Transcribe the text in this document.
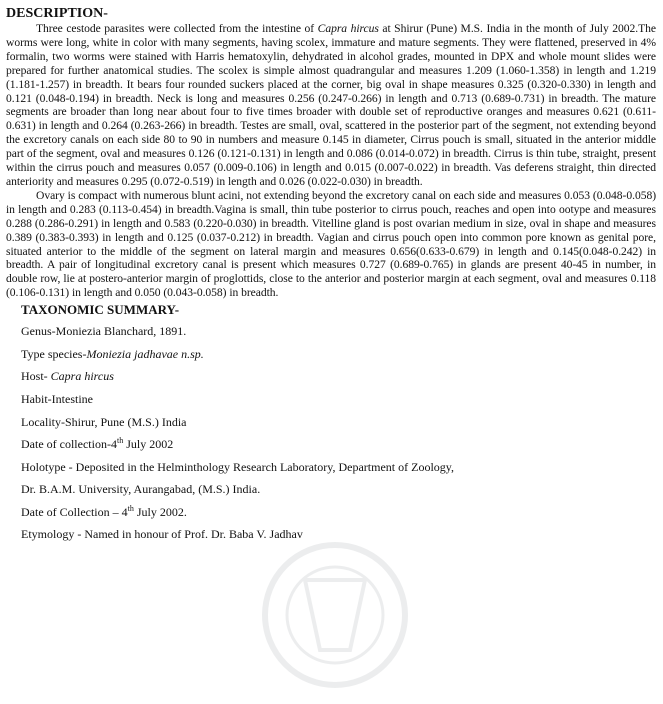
DESCRIPTION-

Three cestode parasites were collected from the intestine of Capra hircus at Shirur (Pune) M.S. India in the month of July 2002.The worms were long, white in color with many segments, having scolex, immature and mature segments. They were flattened, preserved in 4% formalin, two worms were stained with Harris hematoxylin, dehydrated in alcohol grades, mounted in DPX and whole mount slides were prepared for further anatomical studies. The scolex is simple almost quadrangular and measures 1.209 (1.060-1.358) in length and 1.219 (1.181-1.257) in breadth. It bears four rounded suckers placed at the corner, big oval in shape measures 0.325 (0.320-0.330) in length and 0.121 (0.048-0.194) in breadth. Neck is long and measures 0.256 (0.247-0.266) in length and 0.713 (0.689-0.731) in breadth. The mature segments are broader than long near about four to five times broader with double set of reproductive oranges and measures 0.621 (0.611-0.631) in length and 0.264 (0.263-266) in breadth. Testes are small, oval, scattered in the posterior part of the segment, not extending beyond the excretory canals on each side 80 to 90 in numbers and measure 0.145 in diameter, Cirrus pouch is small, situated in the anterior middle part of the segment, oval and measures 0.126 (0.121-0.131) in length and 0.086 (0.014-0.072) in breadth. Cirrus is thin tube, straight, present within the cirrus pouch and measures 0.057 (0.009-0.106) in length and 0.015 (0.007-0.022) in breadth. Vas deferens straight, thin directed anteriority and measures 0.295 (0.072-0.519) in length and 0.026 (0.022-0.030) in breadth.

Ovary is compact with numerous blunt acini, not extending beyond the excretory canal on each side and measures 0.053 (0.048-0.058) in length and 0.283 (0.113-0.454) in breadth.Vagina is small, thin tube posterior to cirrus pouch, reaches and open into ootype and measures 0.288 (0.286-0.291) in length and 0.583 (0.220-0.030) in breadth. Vitelline gland is post ovarian medium in size, oval in shape and measures 0.389 (0.383-0.393) in length and 0.125 (0.037-0.212) in breadth. Vagian and cirrus pouch open into common pore known as genital pore, situated anterior to the middle of the segment on lateral margin and measures 0.656(0.633-0.679) in length and 0.145(0.048-0.242) in breadth. A pair of longitudinal excretory canal is present which measures 0.727 (0.689-0.765) in glands are present 40-45 in number, in double row, lie at postero-anterior margin of proglottids, close to the anterior and posterior margin at each segment, oval and measures 0.118 (0.106-0.131) in length and 0.050 (0.043-0.058) in breadth.

TAXONOMIC SUMMARY-
Genus-Moniezia Blanchard, 1891.
Type species-Moniezia jadhavae n.sp.
Host- Capra hircus
Habit-Intestine
Locality-Shirur, Pune (M.S.) India
Date of collection-4th July 2002
Holotype - Deposited in the Helminthology Research Laboratory, Department of Zoology,
Dr. B.A.M. University, Aurangabad, (M.S.) India.
Date of Collection – 4th July 2002.
Etymology - Named in honour of Prof. Dr. Baba V. Jadhav
